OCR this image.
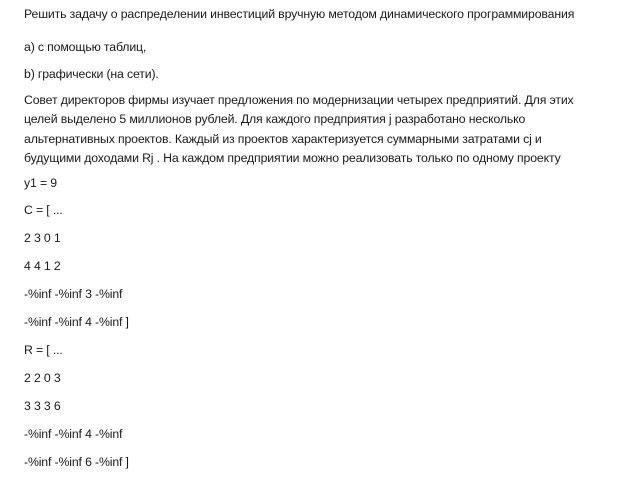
Решить задачу о распределении инвестиций вручную методом динамического программирования
а) с помощью таблиц,
b) графически (на сети).
Совет директоров фирмы изучает предложения по модернизации четырех предприятий. Для этих
целей выделено 5 миллионов рублей. Для каждого предприятия j разработано несколько
альтернативных проектов. Каждый из проектов характеризуется суммарными затратами cj и
будущими доходами Rj . На каждом предприятии можно реализовать только по одному проекту
y1 = 9
C = [ ...
2 3 0 1
4 4 1 2
-%inf -%inf 3 -%inf
-%inf -%inf 4 -%inf ]
R = [ ...
2 2 0 3
3 3 3 6
-%inf -%inf 4 -%inf
-%inf -%inf 6 -%inf ]
